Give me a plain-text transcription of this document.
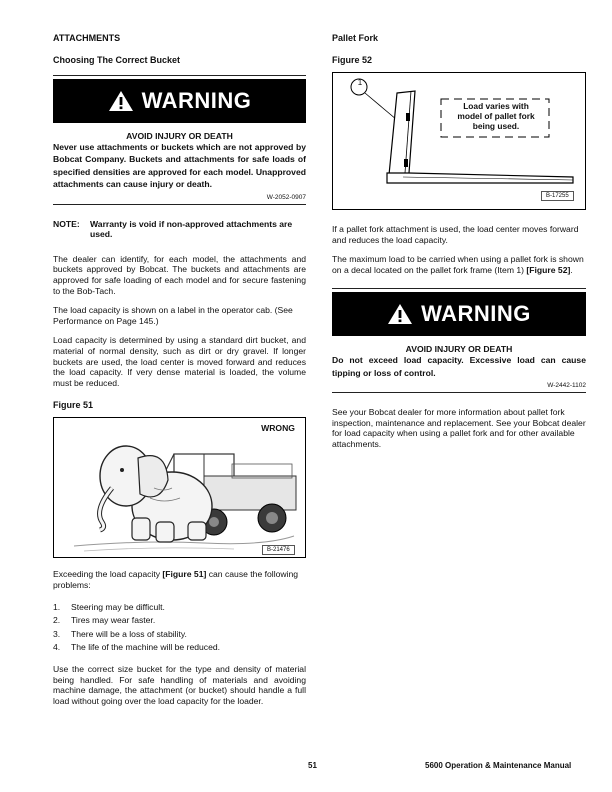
ATTACHMENTS
Choosing The Correct Bucket
WARNING
AVOID INJURY OR DEATH
Never use attachments or buckets which are not approved by Bobcat Company. Buckets and attachments for safe loads of specified densities are approved for each model. Unapproved attachments can cause injury or death.
W-2052-0907
NOTE:	Warranty is void if non-approved attachments are used.

The dealer can identify, for each model, the attachments and buckets approved by Bobcat. The buckets and attachments are approved for safe loading of each model and for secure fastening to the Bob-Tach.

The load capacity is shown on a label in the operator cab. (See Performance on Page 145.)

Load capacity is determined by using a standard dirt bucket, and material of normal density, such as dirt or dry gravel. If longer buckets are used, the load center is moved forward and reduces the load capacity. If very dense material is loaded, the volume must be reduced.

Figure 51
WRONG
B-21476

Exceeding the load capacity [Figure 51] can cause the following problems:

1.	Steering may be difficult.
2.	Tires may wear faster.
3.	There will be a loss of stability.
4.	The life of the machine will be reduced.

Use the correct size bucket for the type and density of material being handled. For safe handling of materials and avoiding machine damage, the attachment (or bucket) should handle a full load without going over the load capacity for the loader.

Pallet Fork
Figure 52
1
Load varies with
model of pallet fork
being used.
B-17255

If a pallet fork attachment is used, the load center moves forward and reduces the load capacity.

The maximum load to be carried when using a pallet fork is shown on a decal located on the pallet fork frame (Item 1) [Figure 52].

WARNING
AVOID INJURY OR DEATH
Do not exceed load capacity. Excessive load can cause tipping or loss of control.
W-2442-1102

See your Bobcat dealer for more information about pallet fork inspection, maintenance and replacement. See your Bobcat dealer for load capacity when using a pallet fork and for other available attachments.

51	5600 Operation & Maintenance Manual
